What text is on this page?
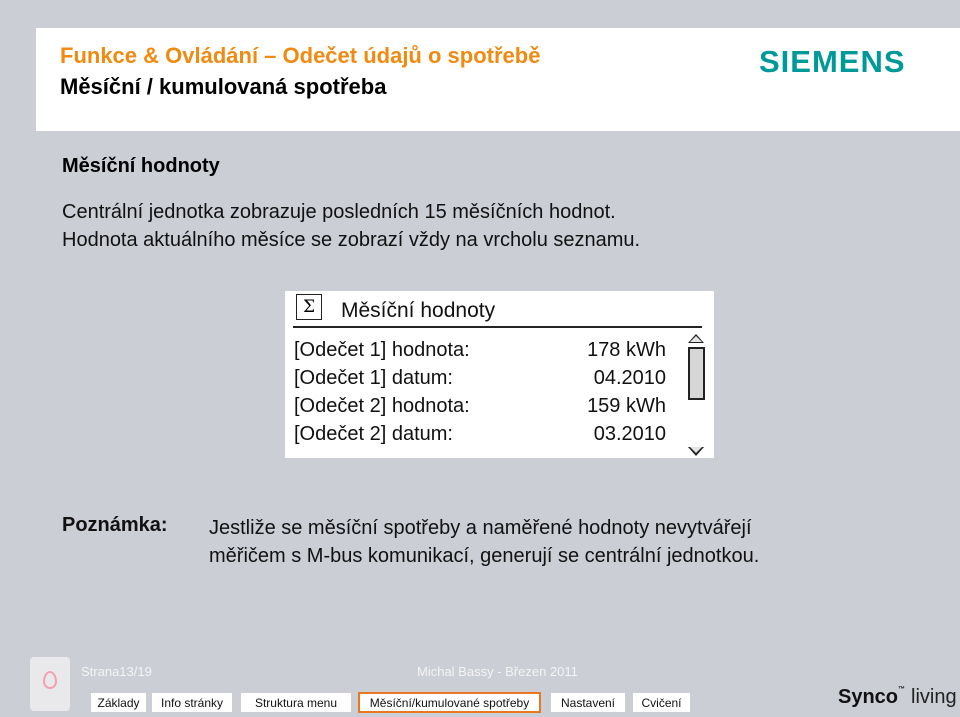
Funkce & Ovládání – Odečet údajů o spotřebě
Měsíční / kumulovaná spotřeba
SIEMENS
Měsíční hodnoty
Centrální jednotka zobrazuje posledních 15 měsíčních hodnot.
Hodnota aktuálního měsíce se zobrazí vždy na vrcholu seznamu.
Σ	Měsíční hodnoty
[Odečet 1] hodnota:	178 kWh
[Odečet 1] datum:	04.2010
[Odečet 2] hodnota:	159 kWh
[Odečet 2] datum:	03.2010
Poznámka: Jestliže se měsíční spotřeby a naměřené hodnoty nevytvářejí
měřičem s M-bus komunikací, generují se centrální jednotkou.
Strana13/19	Michal Bassy - Březen 2011
Synco™ living
Základy	Info stránky	Struktura menu	Měsíční/kumulované spotřeby	Nastavení	Cvičení
